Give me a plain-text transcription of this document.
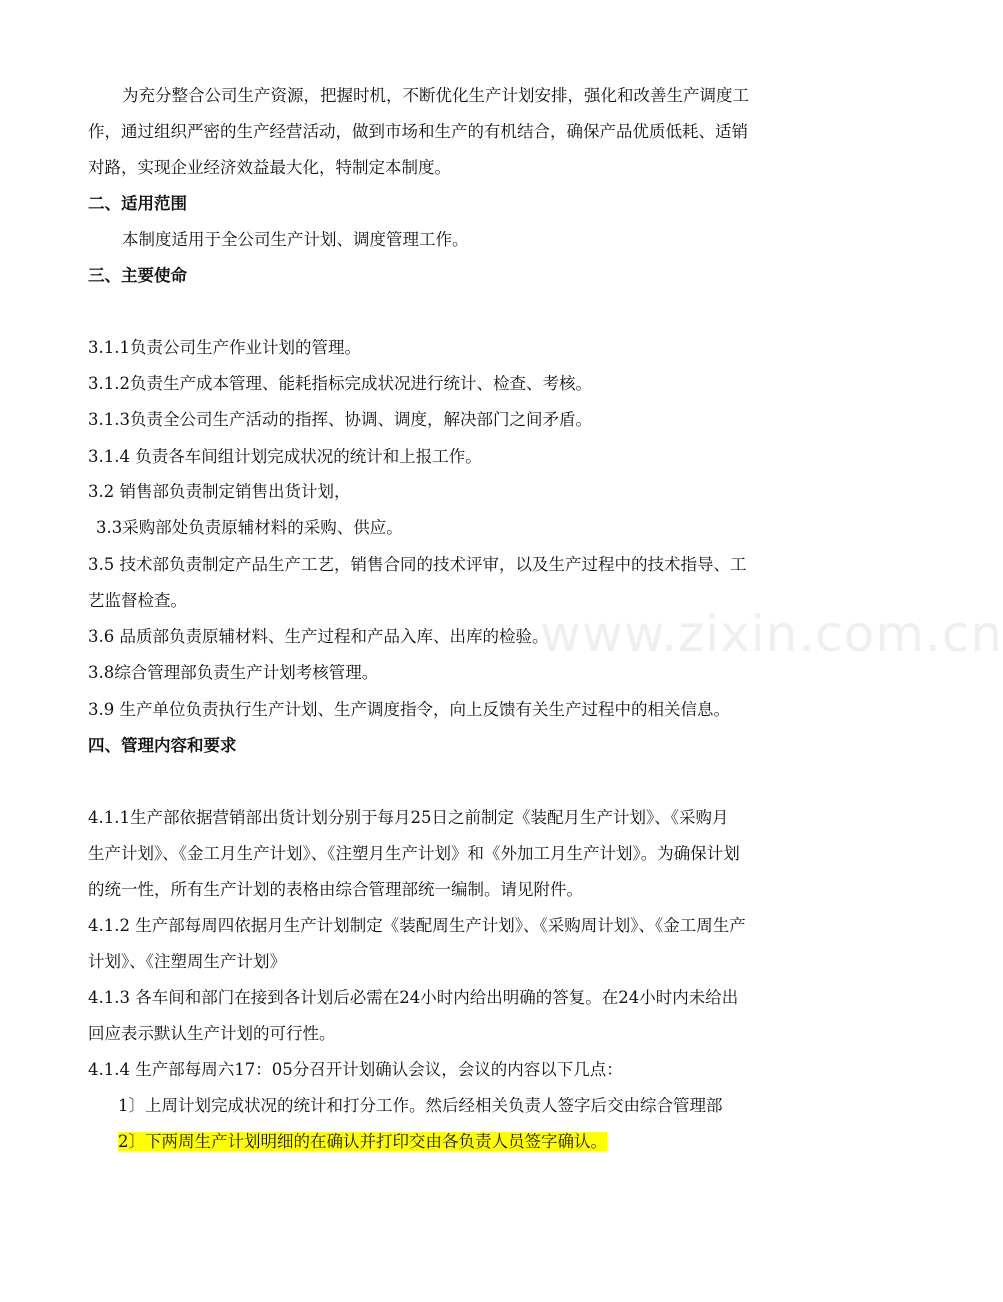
www.zixin.com.cn
为充分整合公司生产资源，把握时机，不断优化生产计划安排，强化和改善生产调度工
作，通过组织严密的生产经营活动，做到市场和生产的有机结合，确保产品优质低耗、适销
对路，实现企业经济效益最大化，特制定本制度。
二、适用范围
本制度适用于全公司生产计划、调度管理工作。
三、主要使命
3.1.1负责公司生产作业计划的管理。
3.1.2负责生产成本管理、能耗指标完成状况进行统计、检查、考核。
3.1.3负责全公司生产活动的指挥、协调、调度，解决部门之间矛盾。
3.1.4 负责各车间组计划完成状况的统计和上报工作。
3.2 销售部负责制定销售出货计划，
3.3采购部处负责原辅材料的采购、供应。
3.5 技术部负责制定产品生产工艺，销售合同的技术评审，以及生产过程中的技术指导、工
艺监督检查。
3.6 品质部负责原辅材料、生产过程和产品入库、出库的检验。
3.8综合管理部负责生产计划考核管理。
3.9 生产单位负责执行生产计划、生产调度指令，向上反馈有关生产过程中的相关信息。
四、管理内容和要求
4.1.1生产部依据营销部出货计划分别于每月25日之前制定《装配月生产计划》、《采购月
生产计划》、《金工月生产计划》、《注塑月生产计划》和《外加工月生产计划》。为确保计划
的统一性，所有生产计划的表格由综合管理部统一编制。请见附件。
4.1.2 生产部每周四依据月生产计划制定《装配周生产计划》、《采购周计划》、《金工周生产
计划》、《注塑周生产计划》
4.1.3 各车间和部门在接到各计划后必需在24小时内给出明确的答复。在24小时内未给出
回应表示默认生产计划的可行性。
4.1.4 生产部每周六17：05分召开计划确认会议，会议的内容以下几点：
1〕上周计划完成状况的统计和打分工作。然后经相关负责人签字后交由综合管理部
2〕下两周生产计划明细的在确认并打印交由各负责人员签字确认。
